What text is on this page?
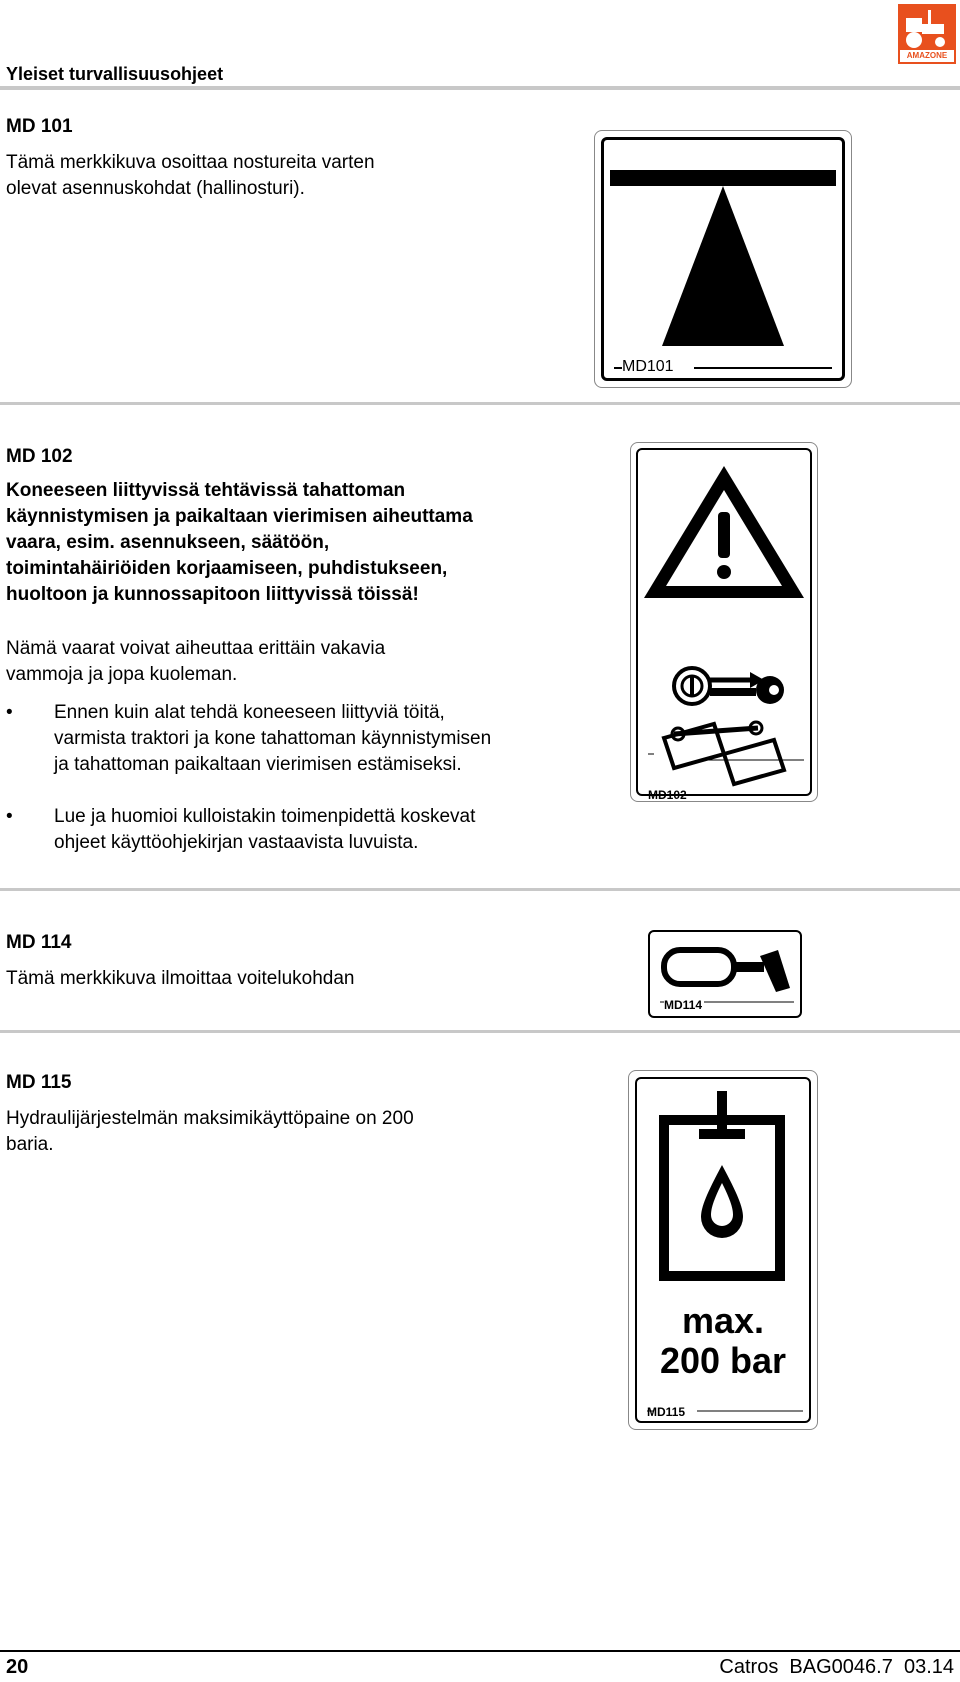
Yleiset turvallisuusohjeet
AMAZONE
MD 101
Tämä merkkikuva osoittaa nostureita varten olevat asennuskohdat (hallinosturi).
MD101
MD 102
Koneeseen liittyvissä tehtävissä tahattoman käynnistymisen ja paikaltaan vierimisen aiheuttama vaara, esim. asennukseen, säätöön, toimintahäiriöiden korjaamiseen, puhdistukseen, huoltoon ja kunnossapitoon liittyvissä töissä!
Nämä vaarat voivat aiheuttaa erittäin vakavia vammoja ja jopa kuoleman.
• Ennen kuin alat tehdä koneeseen liittyviä töitä, varmista traktori ja kone tahattoman käynnistymisen ja tahattoman paikaltaan vierimisen estämiseksi.
• Lue ja huomioi kulloistakin toimenpidettä koskevat ohjeet käyttöohjekirjan vastaavista luvuista.
MD102
MD 114
Tämä merkkikuva ilmoittaa voitelukohdan
MD114
MD 115
Hydraulijärjestelmän maksimikäyttöpaine on 200 baria.
max.
200 bar
MD115
20	Catros  BAG0046.7  03.14
